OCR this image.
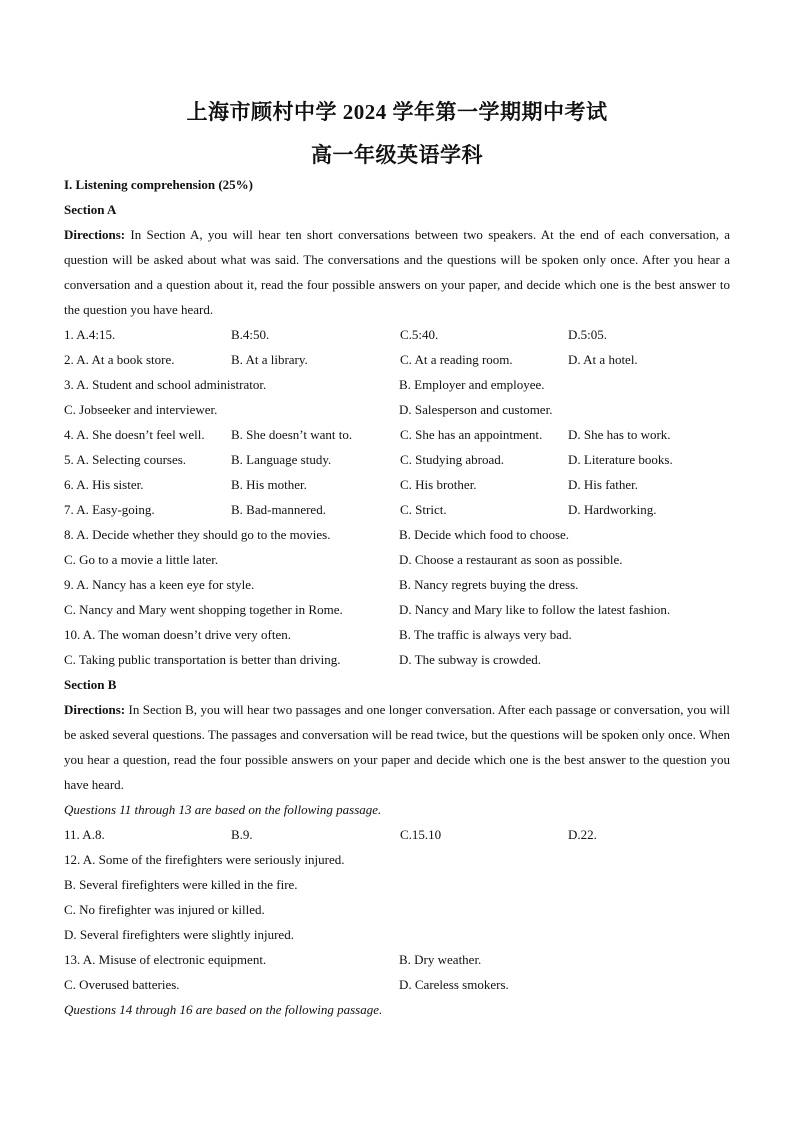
上海市顾村中学 2024 学年第一学期期中考试
高一年级英语学科
I. Listening comprehension (25%)
Section A
Directions: In Section A, you will hear ten short conversations between two speakers. At the end of each conversation, a question will be asked about what was said. The conversations and the questions will be spoken only once. After you hear a conversation and a question about it, read the four possible answers on your paper, and decide which one is the best answer to the question you have heard.
1. A.4:15.	B.4:50.	C.5:40.	D.5:05.
2. A. At a book store.	B. At a library.	C. At a reading room.	D. At a hotel.
3. A. Student and school administrator.	B. Employer and employee.
C. Jobseeker and interviewer.	D. Salesperson and customer.
4. A. She doesn’t feel well.	B. She doesn’t want to.	C. She has an appointment.	D. She has to work.
5. A. Selecting courses.	B. Language study.	C. Studying abroad.	D. Literature books.
6. A. His sister.	B. His mother.	C. His brother.	D. His father.
7. A. Easy-going.	B. Bad-mannered.	C. Strict.	D. Hardworking.
8. A. Decide whether they should go to the movies.	B. Decide which food to choose.
C. Go to a movie a little later.	D. Choose a restaurant as soon as possible.
9. A. Nancy has a keen eye for style.	B. Nancy regrets buying the dress.
C. Nancy and Mary went shopping together in Rome.	D. Nancy and Mary like to follow the latest fashion.
10. A. The woman doesn’t drive very often.	B. The traffic is always very bad.
C. Taking public transportation is better than driving.	D. The subway is crowded.
Section B
Directions: In Section B, you will hear two passages and one longer conversation. After each passage or conversation, you will be asked several questions. The passages and conversation will be read twice, but the questions will be spoken only once. When you hear a question, read the four possible answers on your paper and decide which one is the best answer to the question you have heard.
Questions 11 through 13 are based on the following passage.
11. A.8.	B.9.	C.15.10	D.22.
12. A. Some of the firefighters were seriously injured.
B. Several firefighters were killed in the fire.
C. No firefighter was injured or killed.
D. Several firefighters were slightly injured.
13. A. Misuse of electronic equipment.	B. Dry weather.
C. Overused batteries.	D. Careless smokers.
Questions 14 through 16 are based on the following passage.
